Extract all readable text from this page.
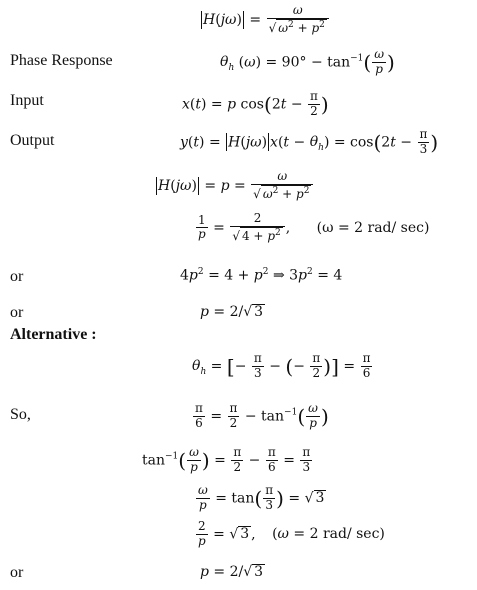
$H(j\omega) = \frac{\omega}{√ \omega^2 + p^2}$
Phase Response	$\theta_h$ $(\omega) = 90^\circ - \tan^{-1}( \frac{\omega}{p}$ )
Input	x(t) = p $\cos(2t - \frac{\pi}{2}$ )
Output	y(t) = H(jω) $x(t - \theta_h) = \cos(2t - \frac{\pi}{3}$ )
$H(j\omega) = p = \frac{\omega}{√ \omega^2 + p^2}$
$\frac{1}{p} = \frac{2}{√ 4 + p^2}$ , (ω = 2 rad/ sec)
or	$4p^2 = 4 + p^2$ ⇒ $3p^2 = 4$
or	p = 2/√ 3
Alternative :
$\theta_h$ = [− $\frac{\pi}{3}$ − (− $\frac{\pi}{2}$ )] = $\frac{\pi}{6}$
So,	$\frac{\pi}{6} = \frac{\pi}{2} - \tan^{-1}( \frac{\omega}{p}$ )
$\tan^{-1}( \frac{\omega}{p}$ ) = $\frac{\pi}{2} - \frac{\pi}{6} = \frac{\pi}{3}$
$\frac{\omega}{p} = \tan( \frac{\pi}{3}$ ) = √ 3
$\frac{2}{p}$ = √ 3 , (ω = 2 rad/ sec)
or	p = 2/√ 3
